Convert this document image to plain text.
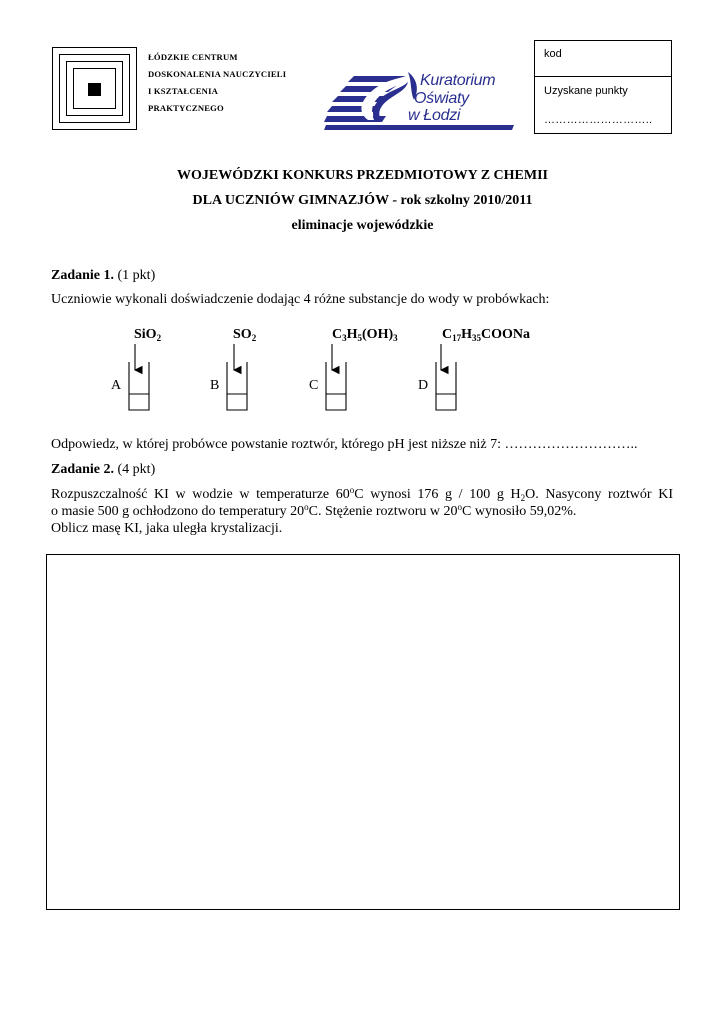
ŁÓDZKIE CENTRUM
DOSKONALENIA NAUCZYCIELI
I KSZTAŁCENIA
PRAKTYCZNEGO
Kuratorium
Oświaty
w Łodzi
kod
Uzyskane punkty
………………………..
WOJEWÓDZKI KONKURS PRZEDMIOTOWY Z CHEMII
DLA UCZNIÓW GIMNAZJÓW - rok szkolny 2010/2011
eliminacje wojewódzkie
Zadanie 1. (1 pkt)
Uczniowie wykonali doświadczenie dodając 4 różne substancje do wody w probówkach:
SiO$_2$	$SO_2$	$C_3H_5(OH)_3$	$C_{17}H_{35}COONa$
A	B	C	D
Odpowiedz, w której probówce powstanie roztwór, którego pH jest niższe niż 7: ………………………..
Zadanie 2. (4 pkt)
Rozpuszczalność KI w wodzie w temperaturze 60$^o$C wynosi 176 g / 100 g $H_2O$. Nasycony roztwór KI
o masie 500 g ochłodzono do temperatury 20$^o$C. Stężenie roztworu w 20$^o$C wynosiło 59,02%.
Oblicz masę KI, jaka uległa krystalizacji.
